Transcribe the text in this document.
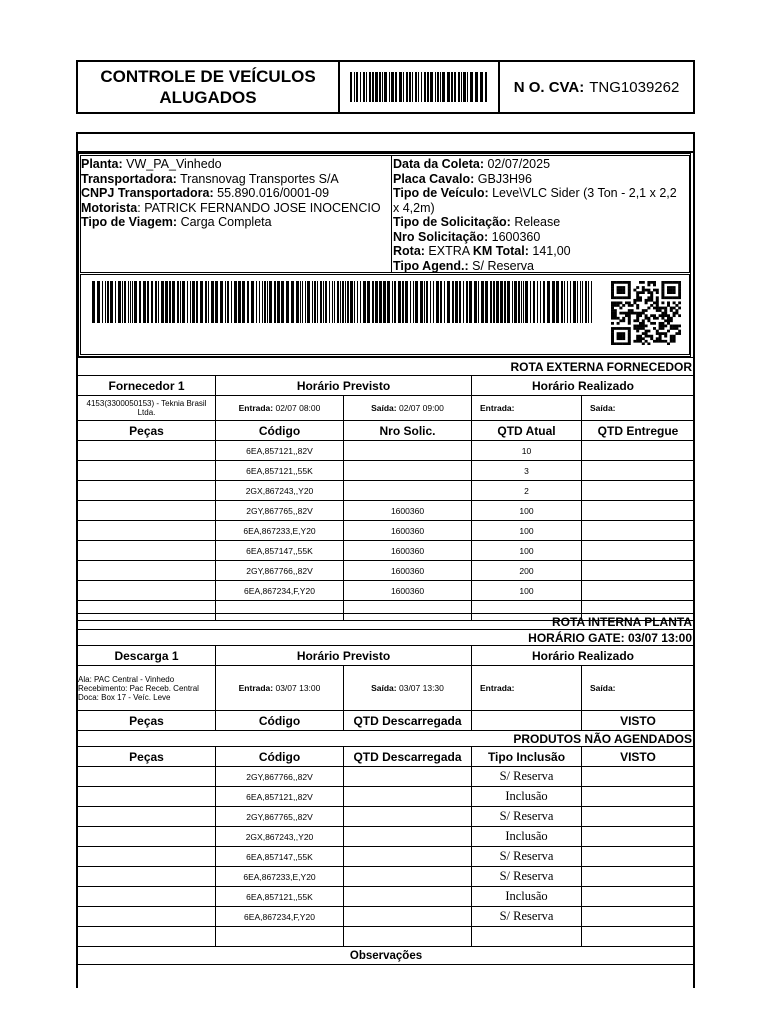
CONTROLE DE VEÍCULOS
ALUGADOS
N O. CVA: TNG1039262
Planta: VW_PA_Vinhedo
Transportadora: Transnovag Transportes S/A
CNPJ Transportadora: 55.890.016/0001-09
Motorista: PATRICK FERNANDO JOSE INOCENCIO
Tipo de Viagem: Carga Completa
Data da Coleta: 02/07/2025
Placa Cavalo: GBJ3H96
Tipo de Veículo: Leve\VLC Sider (3 Ton - 2,1 x 2,2
x 4,2m)
Tipo de Solicitação: Release
Nro Solicitação: 1600360
Rota: EXTRA KM Total: 141,00
Tipo Agend.: S/ Reserva
ROTA EXTERNA FORNECEDOR				
Fornecedor 1	Horário Previsto		Horário Realizado	
4153(3300050153) - Teknia Brasil Ltda.	Entrada: 02/07 08:00	Saída: 02/07 09:00	Entrada:	Saída:
Peças	Código	Nro Solic.	QTD Atual	QTD Entregue
	6EA,857121,,82V		10	
	6EA,857121,,55K		3	
	2GX,867243,,Y20		2	
	2GY,867765,,82V	1600360	100	
	6EA,867233,E,Y20	1600360	100	
	6EA,857147,,55K	1600360	100	
	2GY,867766,,82V	1600360	200	
	6EA,867234,F,Y20	1600360	100	

ROTA INTERNA PLANTA				
HORÁRIO GATE: 03/07 13:00				
Descarga 1	Horário Previsto		Horário Realizado	

Ala: PAC Central - Vinhedo
Recebimento: Pac Receb. Central
Doca: Box 17 - Veíc. Leve	Entrada: 03/07 13:00	Saída: 03/07 13:30	Entrada:	Saída:
Peças	Código	QTD Descarregada		VISTO
PRODUTOS NÃO AGENDADOS				
Peças	Código	QTD Descarregada	Tipo Inclusão	VISTO
	2GY,867766,,82V		S/ Reserva	
	6EA,857121,,82V		Inclusão	
	2GY,867765,,82V		S/ Reserva	
	2GX,867243,,Y20		Inclusão	
	6EA,857147,,55K		S/ Reserva	
	6EA,867233,E,Y20		S/ Reserva	
	6EA,857121,,55K		Inclusão	
	6EA,867234,F,Y20		S/ Reserva	

Observações				
